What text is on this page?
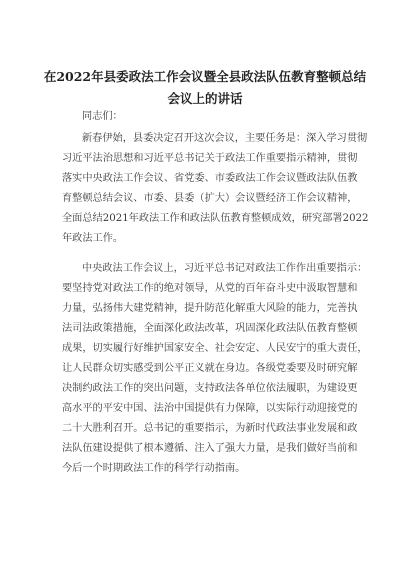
在2022年县委政法工作会议暨全县政法队伍教育整顿总结
会议上的讲话
同志们：
新春伊始，县委决定召开这次会议，主要任务是：深入学习贯彻
习近平法治思想和习近平总书记关于政法工作重要指示精神，贯彻
落实中央政法工作会议、省党委、市委政法工作会议暨政法队伍教
育整顿总结会议、市委、县委（扩大）会议暨经济工作会议精神，
全面总结2021年政法工作和政法队伍教育整顿成效，研究部署2022
年政法工作。
中央政法工作会议上，习近平总书记对政法工作作出重要指示：
要坚持党对政法工作的绝对领导，从党的百年奋斗史中汲取智慧和
力量，弘扬伟大建党精神，提升防范化解重大风险的能力，完善执
法司法政策措施，全面深化政法改革，巩固深化政法队伍教育整顿
成果，切实履行好维护国家安全、社会安定、人民安宁的重大责任，
让人民群众切实感受到公平正义就在身边。各级党委要及时研究解
决制约政法工作的突出问题，支持政法各单位依法履职，为建设更
高水平的平安中国、法治中国提供有力保障，以实际行动迎接党的
二十大胜利召开。总书记的重要指示，为新时代政法事业发展和政
法队伍建设提供了根本遵循、注入了强大力量，是我们做好当前和
今后一个时期政法工作的科学行动指南。
